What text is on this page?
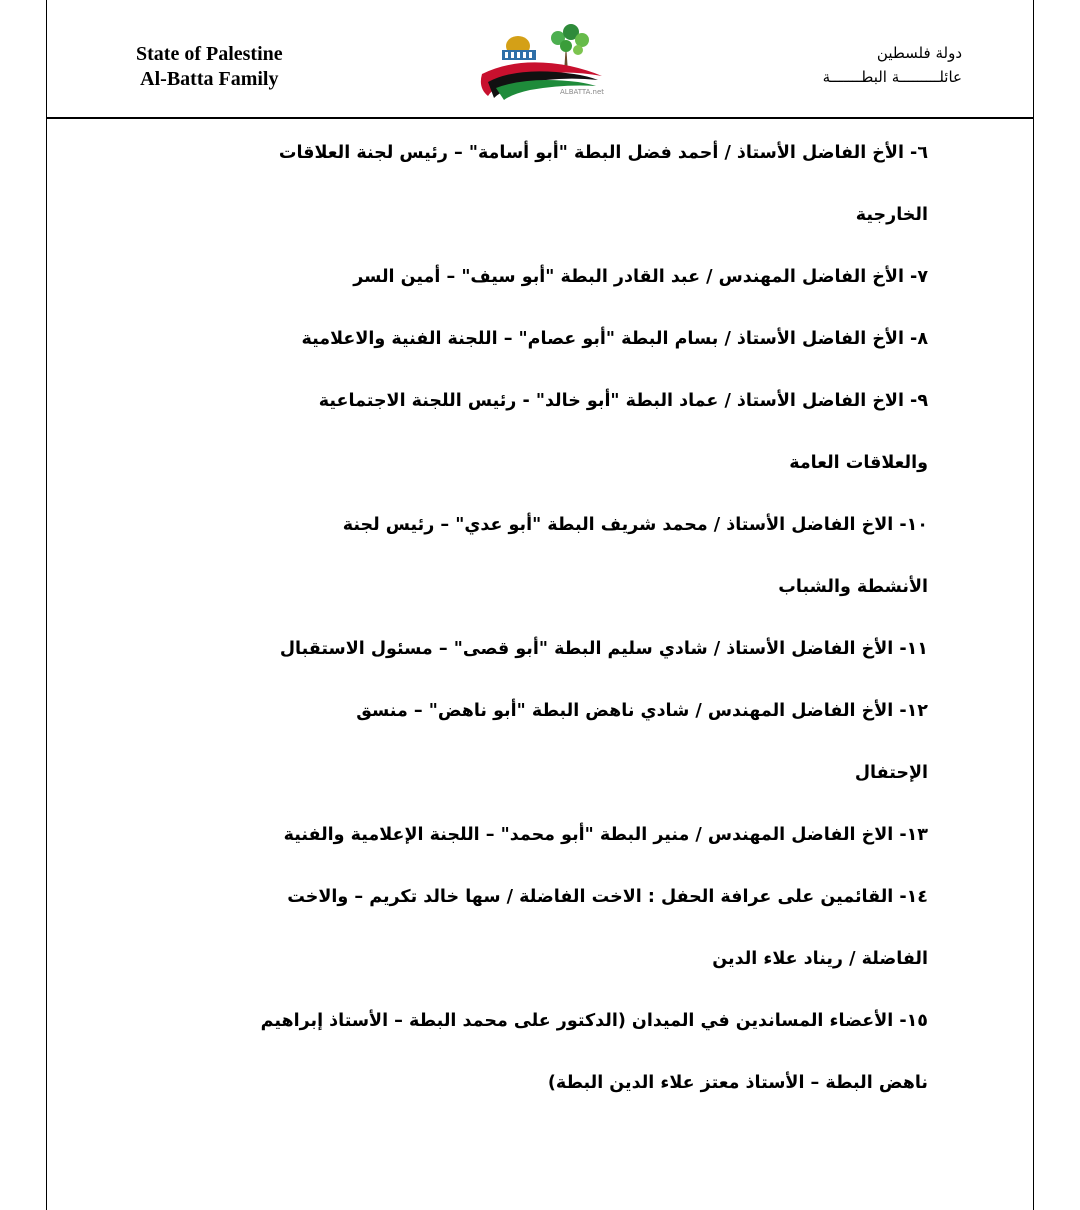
State of Palestine
Al-Batta Family
ALBATTA.net
دولة فلسطين
عائلـــــــــة البطـــــــة
٦- الأخ الفاضل الأستاذ / أحمد فضل البطة "أبو أسامة" – رئيس لجنة العلاقات
الخارجية
٧- الأخ الفاضل المهندس / عبد القادر البطة "أبو سيف" – أمين السر
٨- الأخ الفاضل الأستاذ / بسام البطة "أبو عصام" – اللجنة الفنية والاعلامية
٩- الاخ الفاضل الأستاذ / عماد البطة "أبو خالد" - رئيس اللجنة الاجتماعية
والعلاقات العامة
١٠- الاخ الفاضل الأستاذ / محمد شريف البطة "أبو عدي" – رئيس لجنة
الأنشطة والشباب
١١- الأخ الفاضل الأستاذ / شادي سليم البطة "أبو قصى" – مسئول الاستقبال
١٢- الأخ الفاضل المهندس / شادي ناهض البطة "أبو ناهض" – منسق
الإحتفال
١٣- الاخ الفاضل المهندس / منير البطة "أبو محمد" – اللجنة الإعلامية والفنية
١٤- القائمين على عرافة الحفل : الاخت الفاضلة / سها خالد تكريم – والاخت
الفاضلة / ريناد علاء الدين
١٥- الأعضاء المساندين في الميدان (الدكتور على محمد البطة – الأستاذ إبراهيم
ناهض البطة – الأستاذ معتز علاء الدين البطة)
